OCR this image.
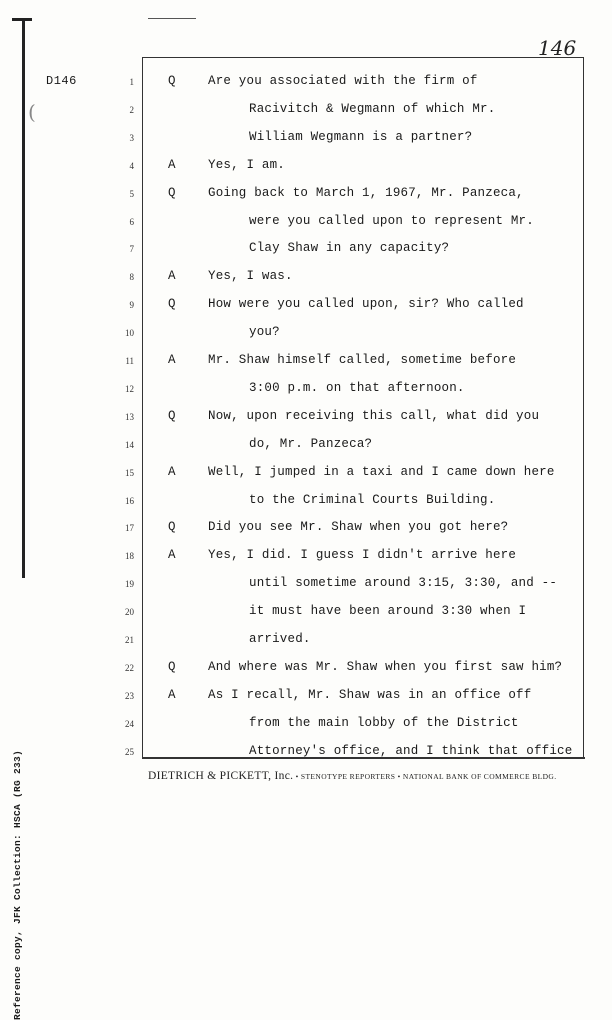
146
D146
(
Reference copy, JFK Collection: HSCA (RG 233)
1	Q	Are you associated with the firm of
2	Racivitch & Wegmann of which Mr.
3	William Wegmann is a partner?
4	A	Yes, I am.
5	Q	Going back to March 1, 1967, Mr. Panzeca,
6	were you called upon to represent Mr.
7	Clay Shaw in any capacity?
8	A	Yes, I was.
9	Q	How were you called upon, sir? Who called
10	you?
11	A	Mr. Shaw himself called, sometime before
12	3:00 p.m. on that afternoon.
13	Q	Now, upon receiving this call, what did you
14	do, Mr. Panzeca?
15	A	Well, I jumped in a taxi and I came down here
16	to the Criminal Courts Building.
17	Q	Did you see Mr. Shaw when you got here?
18	A	Yes, I did. I guess I didn't arrive here
19	until sometime around 3:15, 3:30, and --
20	it must have been around 3:30 when I
21	arrived.
22	Q	And where was Mr. Shaw when you first saw him?
23	A	As I recall, Mr. Shaw was in an office off
24	from the main lobby of the District
25	Attorney's office, and I think that office
DIETRICH & PICKETT, Inc. • STENOTYPE REPORTERS • NATIONAL BANK OF COMMERCE BLDG.
